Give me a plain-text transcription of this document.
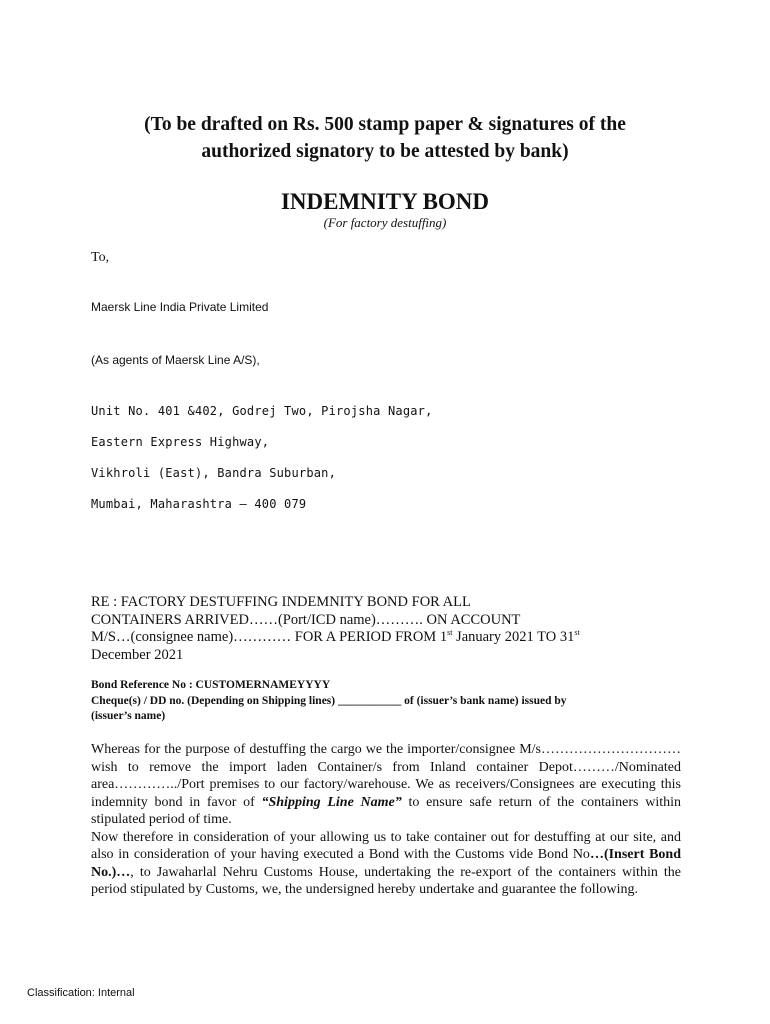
(To be drafted on Rs. 500 stamp paper & signatures of the
authorized signatory to be attested by bank)
INDEMNITY BOND
(For factory destuffing)
To,
Maersk Line India Private Limited
(As agents of Maersk Line A/S),
Unit No. 401 &402, Godrej Two, Pirojsha Nagar,
Eastern Express Highway,
Vikhroli (East), Bandra Suburban,
Mumbai, Maharashtra – 400 079
RE : FACTORY DESTUFFING INDEMNITY BOND FOR ALL
CONTAINERS ARRIVED……(Port/ICD name)………. ON ACCOUNT
M/S…(consignee name)………… FOR A PERIOD FROM 1st January 2021 TO 31st
December 2021
Bond Reference No : CUSTOMERNAMEYYYY
Cheque(s) / DD no. (Depending on Shipping lines) ___________ of (issuer’s bank name) issued by
(issuer’s name)

Whereas for the purpose of destuffing the cargo we the importer/consignee M/s………………………… wish to remove the import laden Container/s from Inland container Depot………/Nominated area…………../Port premises to our factory/warehouse. We as receivers/Consignees are executing this indemnity bond in favor of “Shipping Line Name” to ensure safe return of the containers within stipulated period of time.

Now therefore in consideration of your allowing us to take container out for destuffing at our site, and also in consideration of your having executed a Bond with the Customs vide Bond No…(Insert Bond No.)…, to Jawaharlal Nehru Customs House, undertaking the re-export of the containers within the period stipulated by Customs, we, the undersigned hereby undertake and guarantee the following.

Classification: Internal
